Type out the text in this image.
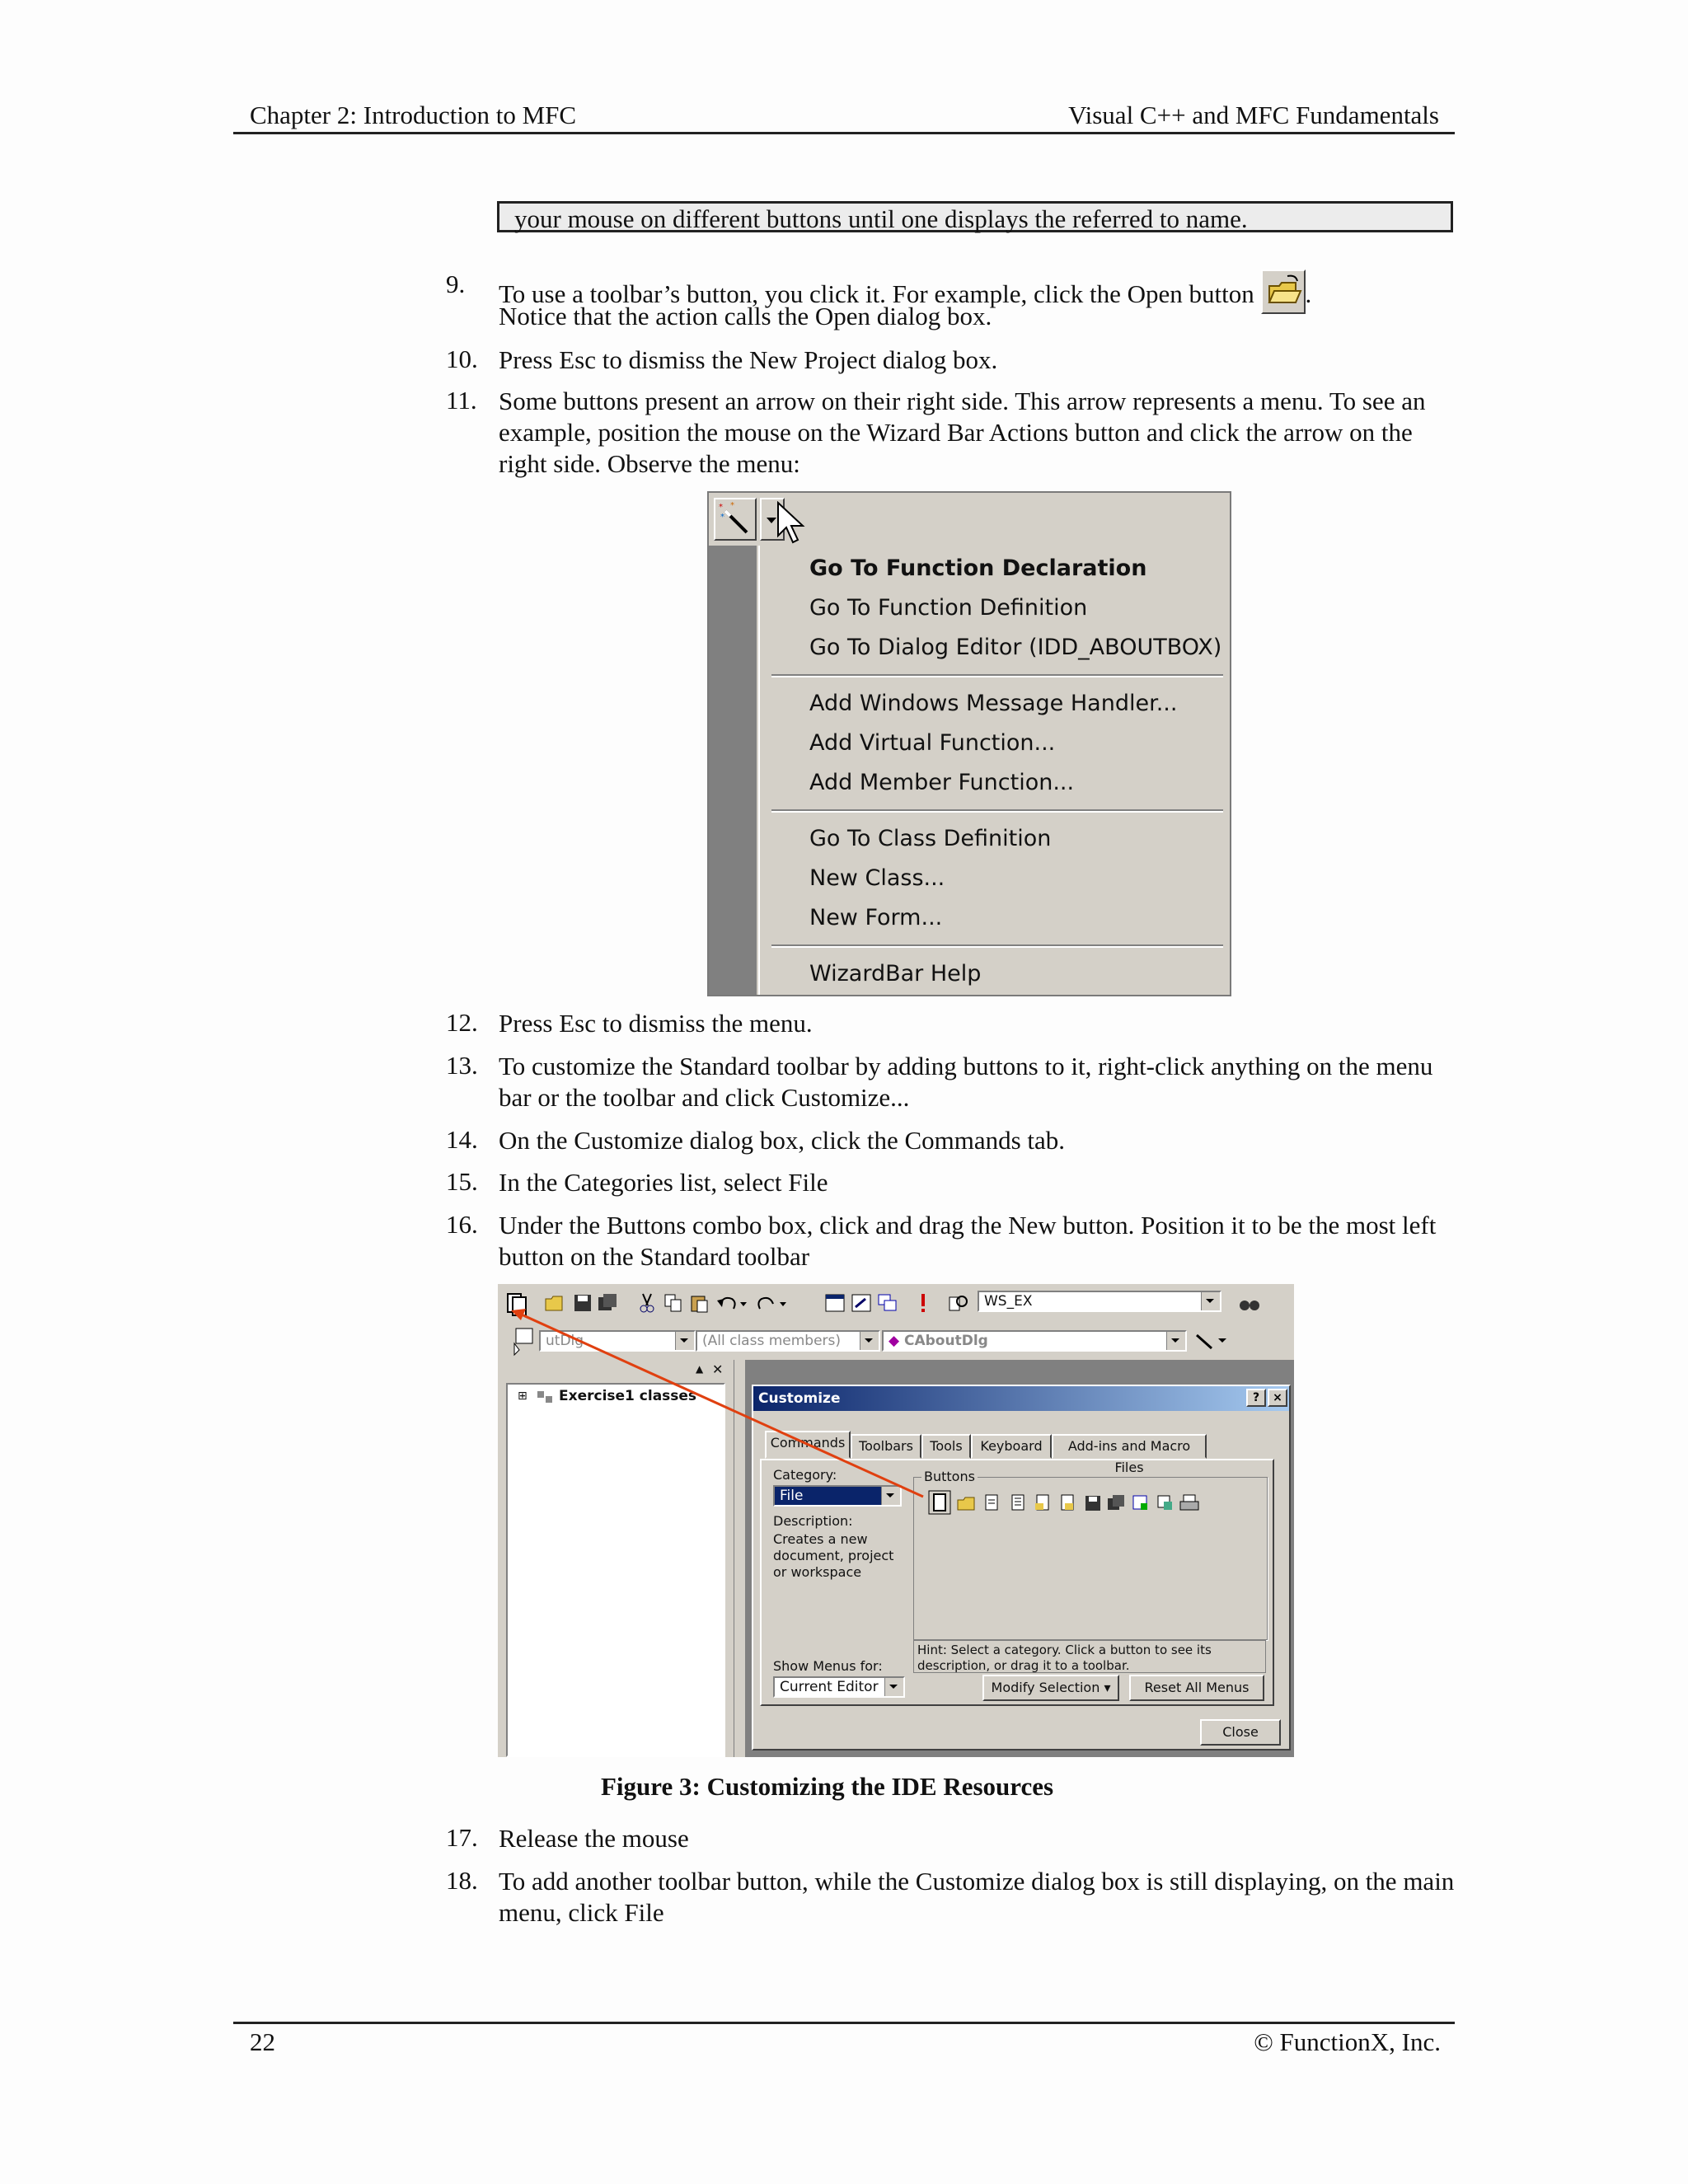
Chapter 2: Introduction to MFC	Visual C++ and MFC Fundamentals
your mouse on different buttons until one displays the referred to name.
9. To use a toolbar’s button, you click it. For example, click the Open button .
Notice that the action calls the Open dialog box.
10. Press Esc to dismiss the New Project dialog box.
11. Some buttons present an arrow on their right side. This arrow represents a menu. To see an example, position the mouse on the Wizard Bar Actions button and click the arrow on the right side. Observe the menu:
* *
*
Go To Function Declaration
Go To Function Definition
Go To Dialog Editor (IDD_ABOUTBOX)
Add Windows Message Handler...
Add Virtual Function...
Add Member Function...
Go To Class Definition
New Class...
New Form...
WizardBar Help
12. Press Esc to dismiss the menu.
13. To customize the Standard toolbar by adding buttons to it, right-click anything on the menu bar or the toolbar and click Customize...
14. On the Customize dialog box, click the Commands tab.
15. In the Categories list, select File
16. Under the Buttons combo box, click and drag the New button. Position it to be the most left button on the Standard toolbar
WS_EX
utDlg	(All class members)	◆ CAboutDlg
▲ ✕
⊞ Exercise1 classes	Customize	?	×
Commands	Toolbars	Tools	Keyboard	Add-ins and Macro Files
Category:
File
Description:
Creates a new document, project or workspace
Buttons
Hint: Select a category. Click a button to see its description, or drag it to a toolbar.
Show Menus for:
Current Editor	Modify Selection ▾	Reset All Menus
Close
Figure 3: Customizing the IDE Resources
17. Release the mouse
18. To add another toolbar button, while the Customize dialog box is still displaying, on the main menu, click File
22	© FunctionX, Inc.
